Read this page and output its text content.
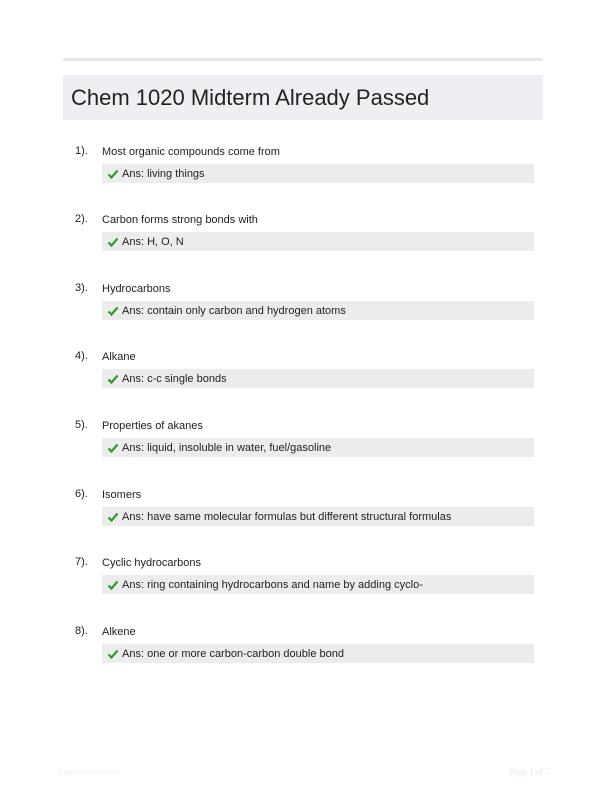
Chem 1020 Midterm Already Passed
1). Most organic compounds come from
Ans:
living things
2). Carbon forms strong bonds with
Ans:
H, O, N
3). Hydrocarbons
Ans:
contain only carbon and hydrogen atoms
4). Alkane
Ans:
c-c single bonds
5). Properties of akanes
Ans:
liquid, insoluble in water, fuel/gasoline
6). Isomers
Ans:
have same molecular formulas but different structural formulas
7). Cyclic hydrocarbons
Ans:
ring containing hydrocarbons and name by adding cyclo-
8). Alkene
Ans:
one or more carbon-carbon double bond
Paperfrdm.com	Page 1 of 7
